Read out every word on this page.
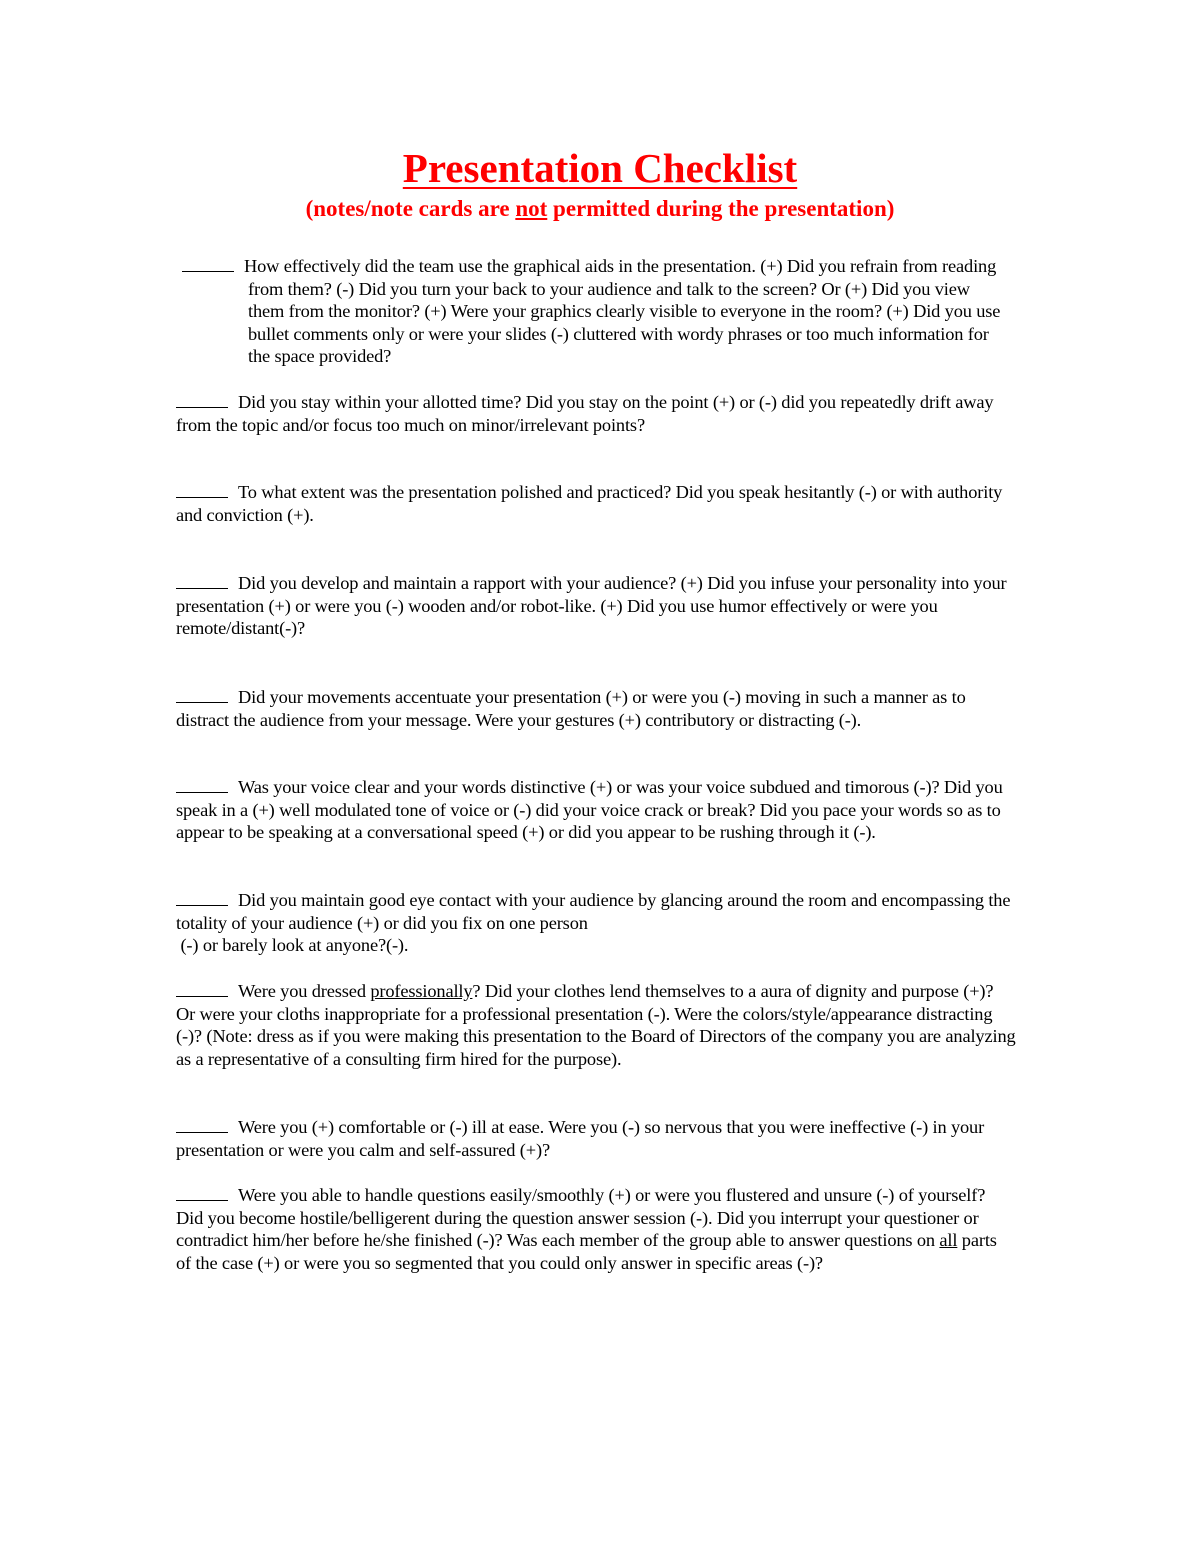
Presentation Checklist
(notes/note cards are not permitted during the presentation)
How effectively did the team use the graphical aids in the presentation. (+) Did you refrain from reading from them? (-) Did you turn your back to your audience and talk to the screen? Or (+) Did you view them from the monitor? (+) Were your graphics clearly visible to everyone in the room? (+) Did you use bullet comments only or were your slides (-) cluttered with wordy phrases or too much information for the space provided?
Did you stay within your allotted time? Did you stay on the point (+) or (-) did you repeatedly drift away from the topic and/or focus too much on minor/irrelevant points?
To what extent was the presentation polished and practiced? Did you speak hesitantly (-) or with authority and conviction (+).
Did you develop and maintain a rapport with your audience? (+) Did you infuse your personality into your presentation (+) or were you (-) wooden and/or robot-like. (+) Did you use humor effectively or were you remote/distant(-)?
Did your movements accentuate your presentation (+) or were you (-) moving in such a manner as to distract the audience from your message. Were your gestures (+) contributory or distracting (-).
Was your voice clear and your words distinctive (+) or was your voice subdued and timorous (-)? Did you speak in a (+) well modulated tone of voice or (-) did your voice crack or break? Did you pace your words so as to appear to be speaking at a conversational speed (+) or did you appear to be rushing through it (-).
Did you maintain good eye contact with your audience by glancing around the room and encompassing the totality of your audience (+) or did you fix on one person
(-) or barely look at anyone?(-).
Were you dressed professionally? Did your clothes lend themselves to a aura of dignity and purpose (+)? Or were your cloths inappropriate for a professional presentation (-). Were the colors/style/appearance distracting (-)? (Note: dress as if you were making this presentation to the Board of Directors of the company you are analyzing as a representative of a consulting firm hired for the purpose).
Were you (+) comfortable or (-) ill at ease. Were you (-) so nervous that you were ineffective (-) in your presentation or were you calm and self-assured (+)?
Were you able to handle questions easily/smoothly (+) or were you flustered and unsure (-) of yourself? Did you become hostile/belligerent during the question answer session (-). Did you interrupt your questioner or contradict him/her before he/she finished (-)? Was each member of the group able to answer questions on all parts of the case (+) or were you so segmented that you could only answer in specific areas (-)?
